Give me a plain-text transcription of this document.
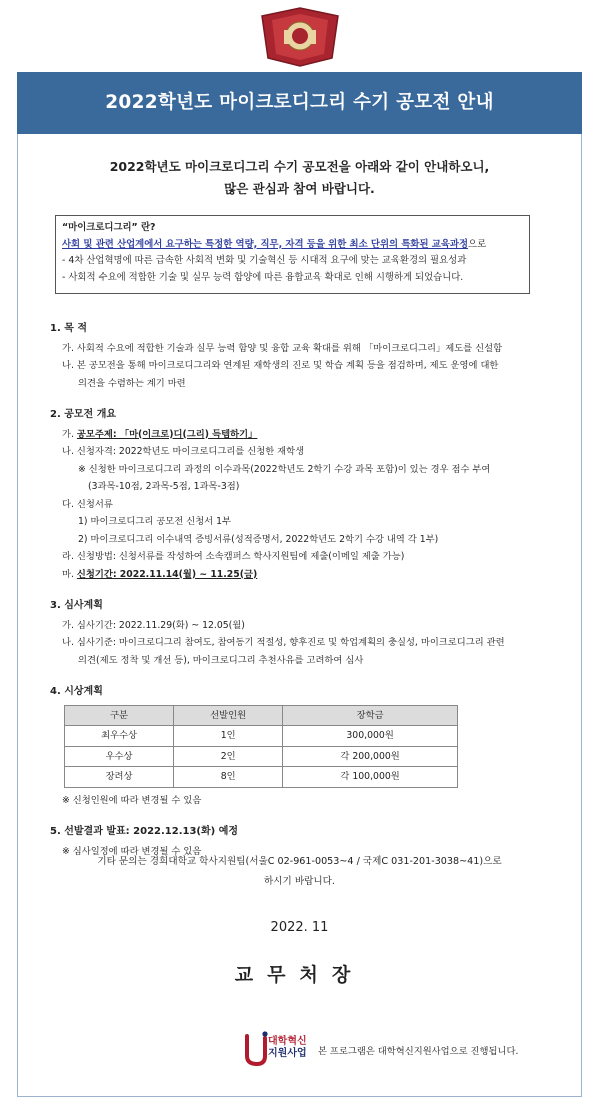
2022학년도 마이크로디그리 수기 공모전 안내
2022학년도 마이크로디그리 수기 공모전을 아래와 같이 안내하오니,
많은 관심과 참여 바랍니다.
“마이크로디그리” 란?
사회 및 관련 산업계에서 요구하는 특정한 역량, 직무, 자격 등을 위한 최소 단위의 특화된 교육과정으로
- 4차 산업혁명에 따른 급속한 사회적 변화 및 기술혁신 등 시대적 요구에 맞는 교육환경의 필요성과
- 사회적 수요에 적합한 기술 및 실무 능력 함양에 따른 융합교육 확대로 인해 시행하게 되었습니다.
1. 목 적
가. 사회적 수요에 적합한 기술과 실무 능력 함양 및 융합 교육 확대를 위해 「마이크로디그리」제도를 신설함
나. 본 공모전을 통해 마이크로디그리와 연계된 재학생의 진로 및 학습 계획 등을 점검하며, 제도 운영에 대한
의견을 수렴하는 계기 마련
2. 공모전 개요
가. 공모주제: 「마(이크로)디(그리) 득템하기」
나. 신청자격: 2022학년도 마이크로디그리를 신청한 재학생
※ 신청한 마이크로디그리 과정의 이수과목(2022학년도 2학기 수강 과목 포함)이 있는 경우 점수 부여
(3과목-10점, 2과목-5점, 1과목-3점)
다. 신청서류
1) 마이크로디그리 공모전 신청서 1부
2) 마이크로디그리 이수내역 증빙서류(성적증명서, 2022학년도 2학기 수강 내역 각 1부)
라. 신청방법: 신청서류를 작성하여 소속캠퍼스 학사지원팀에 제출(이메일 제출 가능)
마. 신청기간: 2022.11.14(월) ~ 11.25(금)
3. 심사계획
가. 심사기간: 2022.11.29(화) ~ 12.05(월)
나. 심사기준: 마이크로디그리 참여도, 참여동기 적절성, 향후진로 및 학업계획의 충실성, 마이크로디그리 관련
의견(제도 정착 및 개선 등), 마이크로디그리 추천사유를 고려하여 심사
4. 시상계획
구분	선발인원	장학금
최우수상	1인	300,000원
우수상	2인	각 200,000원
장려상	8인	각 100,000원
※ 신청인원에 따라 변경될 수 있음
5. 선발결과 발표: 2022.12.13(화) 예정
※ 심사일정에 따라 변경될 수 있음
기타 문의는 경희대학교 학사지원팀(서울C 02-961-0053~4 / 국제C 031-201-3038~41)으로
하시기 바랍니다.
2022. 11
교무처장
대학혁신
지원사업 본 프로그램은 대학혁신지원사업으로 진행됩니다.
